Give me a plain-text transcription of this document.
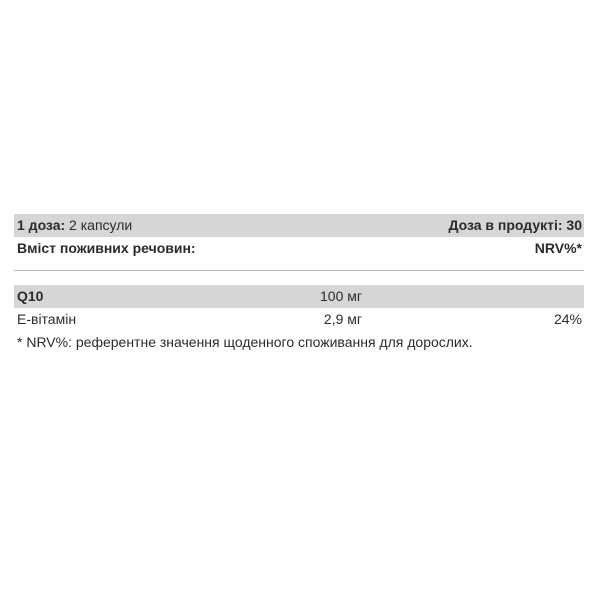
1 доза: 2 капсули	Доза в продукті: 30
Вміст поживних речовин:	NRV%*
Q10	100 мг
E-вітамін	2,9 мг	24%
* NRV%: референтне значення щоденного споживання для дорослих.
